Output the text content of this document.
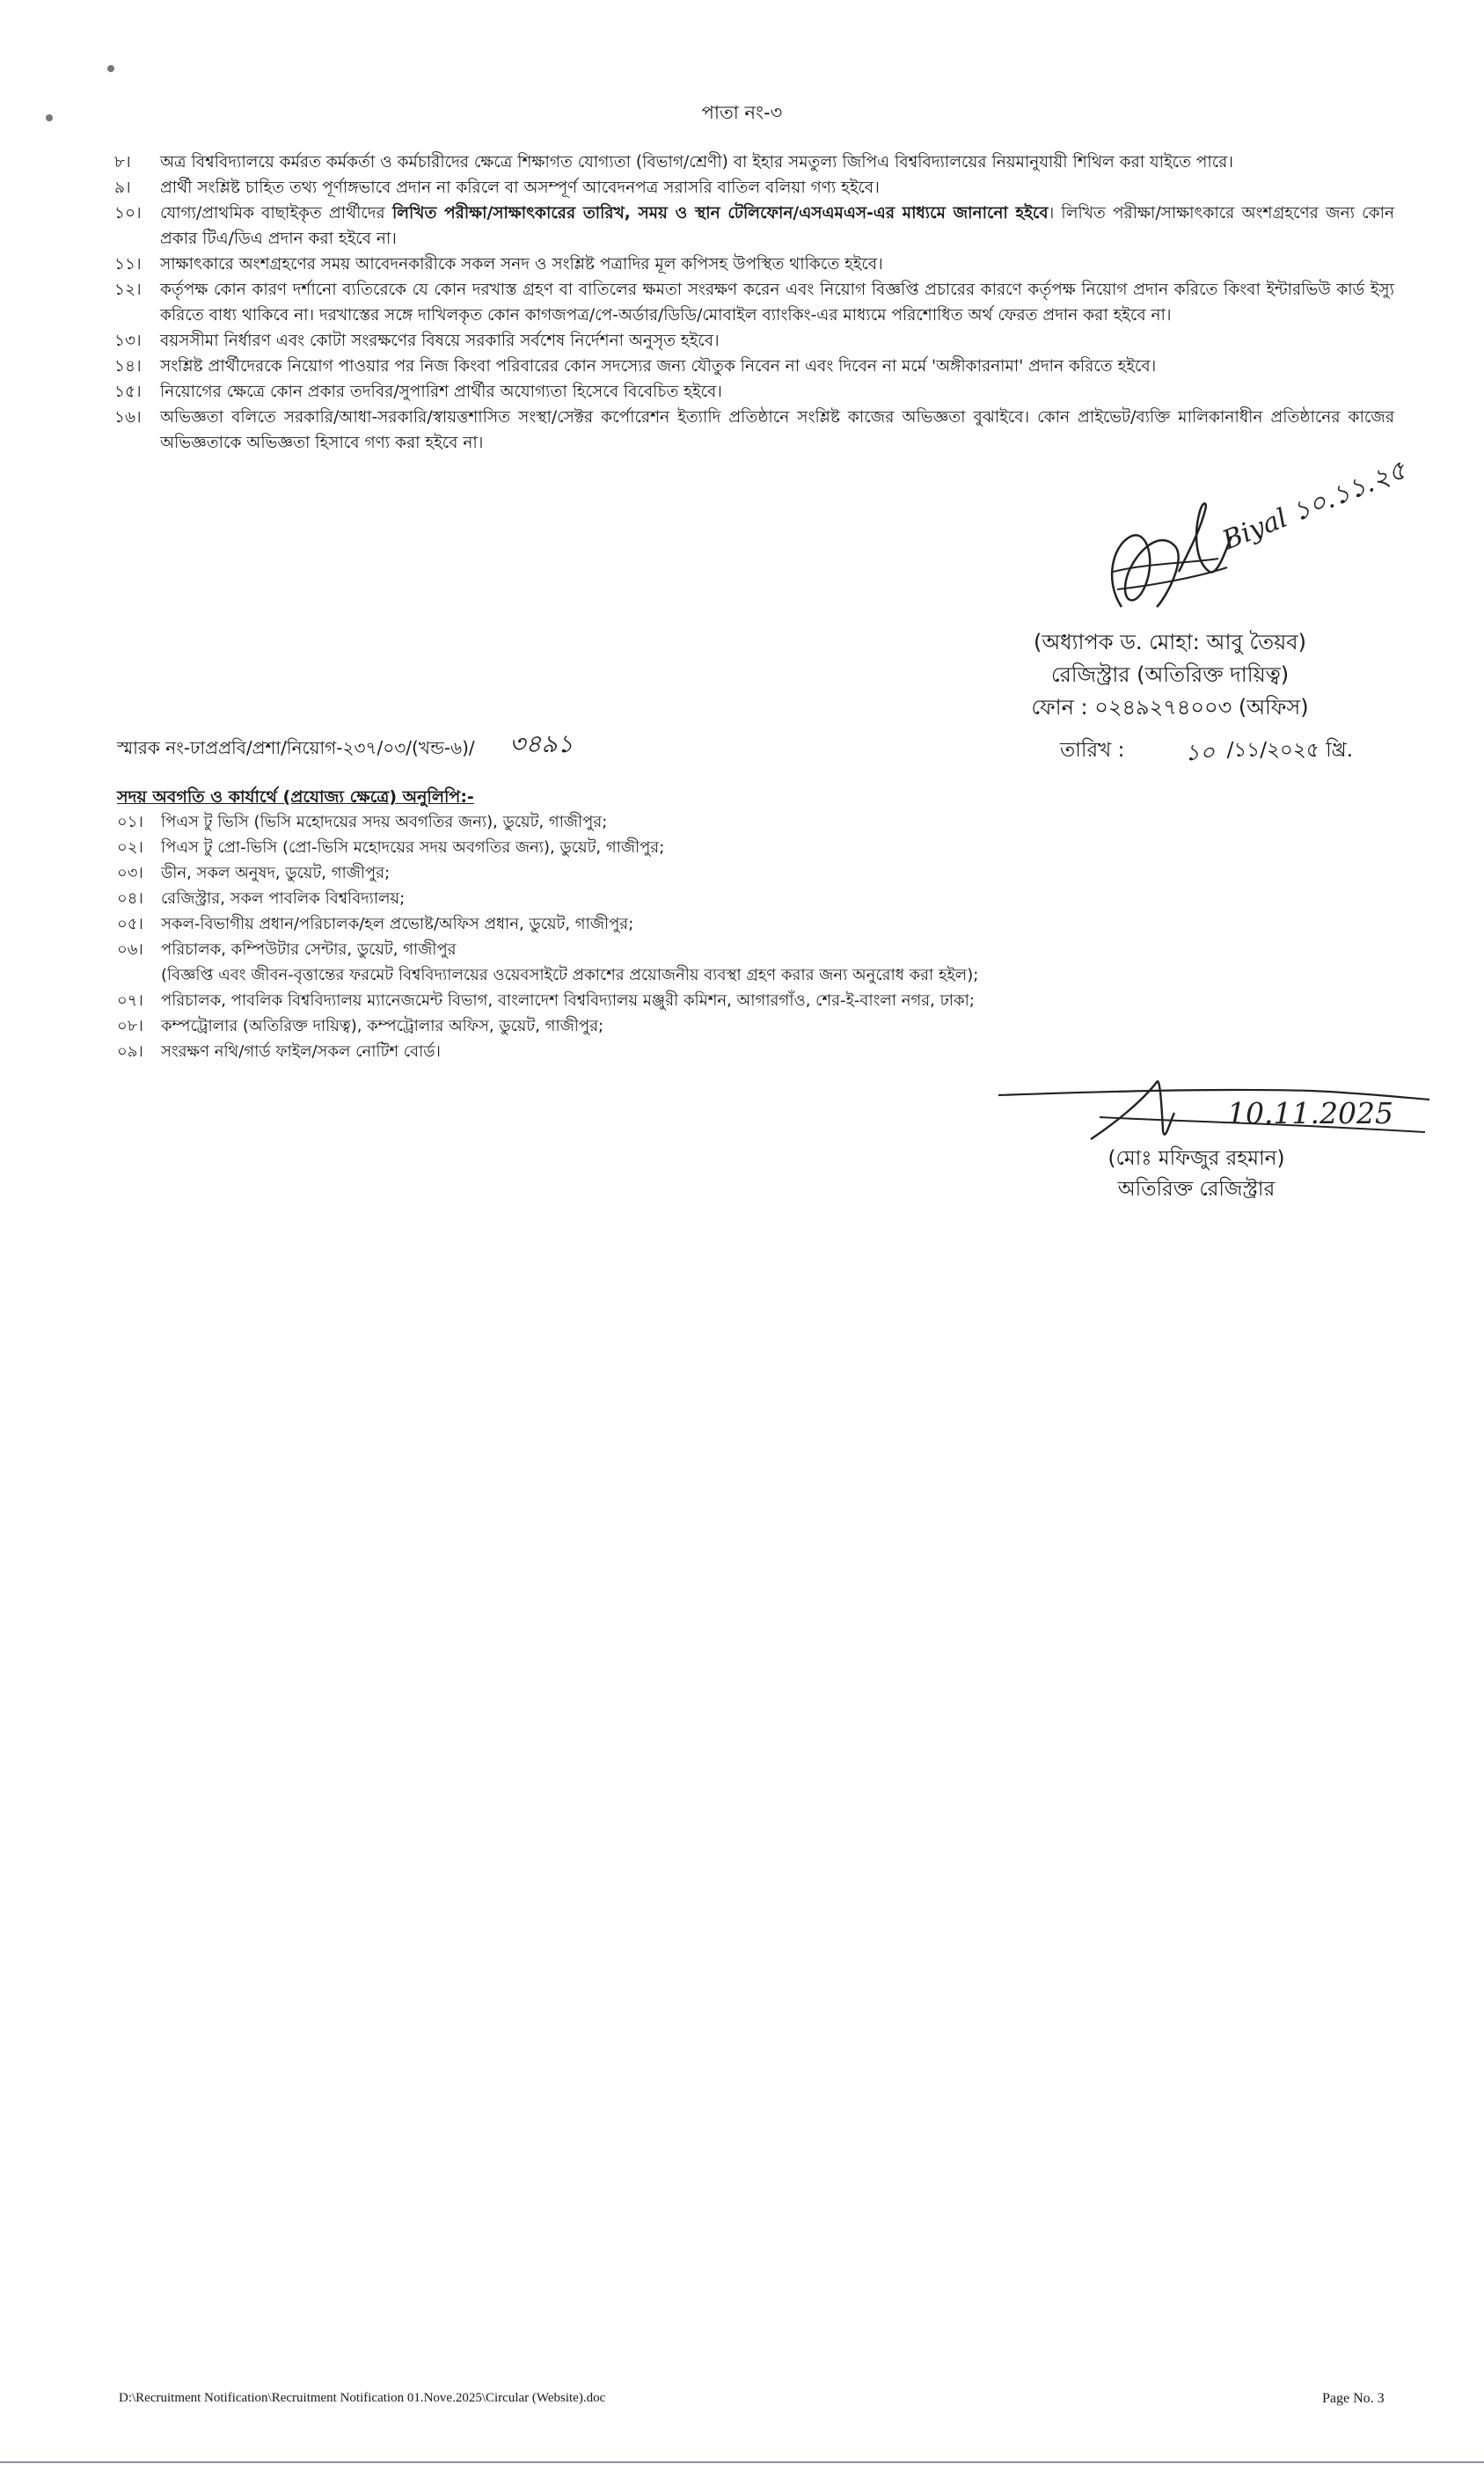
পাতা নং-৩
৮।	অত্র বিশ্ববিদ্যালয়ে কর্মরত কর্মকর্তা ও কর্মচারীদের ক্ষেত্রে শিক্ষাগত যোগ্যতা (বিভাগ/শ্রেণী) বা ইহার সমতুল্য জিপিএ বিশ্ববিদ্যালয়ের নিয়মানুযায়ী শিথিল করা যাইতে পারে।
৯।	প্রার্থী সংশ্লিষ্ট চাহিত তথ্য পূর্ণাঙ্গভাবে প্রদান না করিলে বা অসম্পূর্ণ আবেদনপত্র সরাসরি বাতিল বলিয়া গণ্য হইবে।
১০।	যোগ্য/প্রাথমিক বাছাইকৃত প্রার্থীদের লিখিত পরীক্ষা/সাক্ষাৎকারের তারিখ, সময় ও স্থান টেলিফোন/এসএমএস-এর মাধ্যমে জানানো হইবে। লিখিত পরীক্ষা/সাক্ষাৎকারে অংশগ্রহণের জন্য কোন প্রকার টিএ/ডিএ প্রদান করা হইবে না।
১১।	সাক্ষাৎকারে অংশগ্রহণের সময় আবেদনকারীকে সকল সনদ ও সংশ্লিষ্ট পত্রাদির মূল কপিসহ উপস্থিত থাকিতে হইবে।
১২।	কর্তৃপক্ষ কোন কারণ দর্শানো ব্যতিরেকে যে কোন দরখাস্ত গ্রহণ বা বাতিলের ক্ষমতা সংরক্ষণ করেন এবং নিয়োগ বিজ্ঞপ্তি প্রচারের কারণে কর্তৃপক্ষ নিয়োগ প্রদান করিতে কিংবা ইন্টারভিউ কার্ড ইস্যু করিতে বাধ্য থাকিবে না। দরখাস্তের সঙ্গে দাখিলকৃত কোন কাগজপত্র/পে-অর্ডার/ডিডি/মোবাইল ব্যাংকিং-এর মাধ্যমে পরিশোধিত অর্থ ফেরত প্রদান করা হইবে না।
১৩।	বয়সসীমা নির্ধারণ এবং কোটা সংরক্ষণের বিষয়ে সরকারি সর্বশেষ নির্দেশনা অনুসৃত হইবে।
১৪।	সংশ্লিষ্ট প্রার্থীদেরকে নিয়োগ পাওয়ার পর নিজ কিংবা পরিবারের কোন সদস্যের জন্য যৌতুক নিবেন না এবং দিবেন না মর্মে 'অঙ্গীকারনামা' প্রদান করিতে হইবে।
১৫।	নিয়োগের ক্ষেত্রে কোন প্রকার তদবির/সুপারিশ প্রার্থীর অযোগ্যতা হিসেবে বিবেচিত হইবে।
১৬।	অভিজ্ঞতা বলিতে সরকারি/আধা-সরকারি/স্বায়ত্তশাসিত সংস্থা/সেক্টর কর্পোরেশন ইত্যাদি প্রতিষ্ঠানে সংশ্লিষ্ট কাজের অভিজ্ঞতা বুঝাইবে। কোন প্রাইভেট/ব্যক্তি মালিকানাধীন প্রতিষ্ঠানের কাজের অভিজ্ঞতাকে অভিজ্ঞতা হিসাবে গণ্য করা হইবে না।
Biyal ১০.১১.২৫
(অধ্যাপক ড. মোহা: আবু তৈয়ব)
রেজিস্ট্রার (অতিরিক্ত দায়িত্ব)
ফোন : ০২৪৯২৭৪০০৩ (অফিস)
স্মারক নং-ঢাপ্রপ্রবি/প্রশা/নিয়োগ-২৩৭/০৩/(খন্ড-৬)/ ৩৪৯১	তারিখ :	১০ /১১/২০২৫ খ্রি.
সদয় অবগতি ও কার্যার্থে (প্রযোজ্য ক্ষেত্রে) অনুলিপি:-
০১।	পিএস টু ভিসি (ভিসি মহোদয়ের সদয় অবগতির জন্য), ডুয়েট, গাজীপুর;
০২।	পিএস টু প্রো-ভিসি (প্রো-ভিসি মহোদয়ের সদয় অবগতির জন্য), ডুয়েট, গাজীপুর;
০৩।	ডীন, সকল অনুষদ, ডুয়েট, গাজীপুর;
০৪।	রেজিস্ট্রার, সকল পাবলিক বিশ্ববিদ্যালয়;
০৫।	সকল-বিভাগীয় প্রধান/পরিচালক/হল প্রভোষ্ট/অফিস প্রধান, ডুয়েট, গাজীপুর;
০৬।	পরিচালক, কম্পিউটার সেন্টার, ডুয়েট, গাজীপুর
(বিজ্ঞপ্তি এবং জীবন-বৃত্তান্তের ফরমেট বিশ্ববিদ্যালয়ের ওয়েবসাইটে প্রকাশের প্রয়োজনীয় ব্যবস্থা গ্রহণ করার জন্য অনুরোধ করা হইল);
০৭।	পরিচালক, পাবলিক বিশ্ববিদ্যালয় ম্যানেজমেন্ট বিভাগ, বাংলাদেশ বিশ্ববিদ্যালয় মঞ্জুরী কমিশন, আগারগাঁও, শের-ই-বাংলা নগর, ঢাকা;
০৮।	কম্পট্রোলার (অতিরিক্ত দায়িত্ব), কম্পট্রোলার অফিস, ডুয়েট, গাজীপুর;
০৯।	সংরক্ষণ নথি/গার্ড ফাইল/সকল নোটিশ বোর্ড।
10.11.2025
(মোঃ মফিজুর রহমান)
অতিরিক্ত রেজিস্ট্রার
D:\Recruitment Notification\Recruitment Notification 01.Nove.2025\Circular (Website).doc	Page No. 3
